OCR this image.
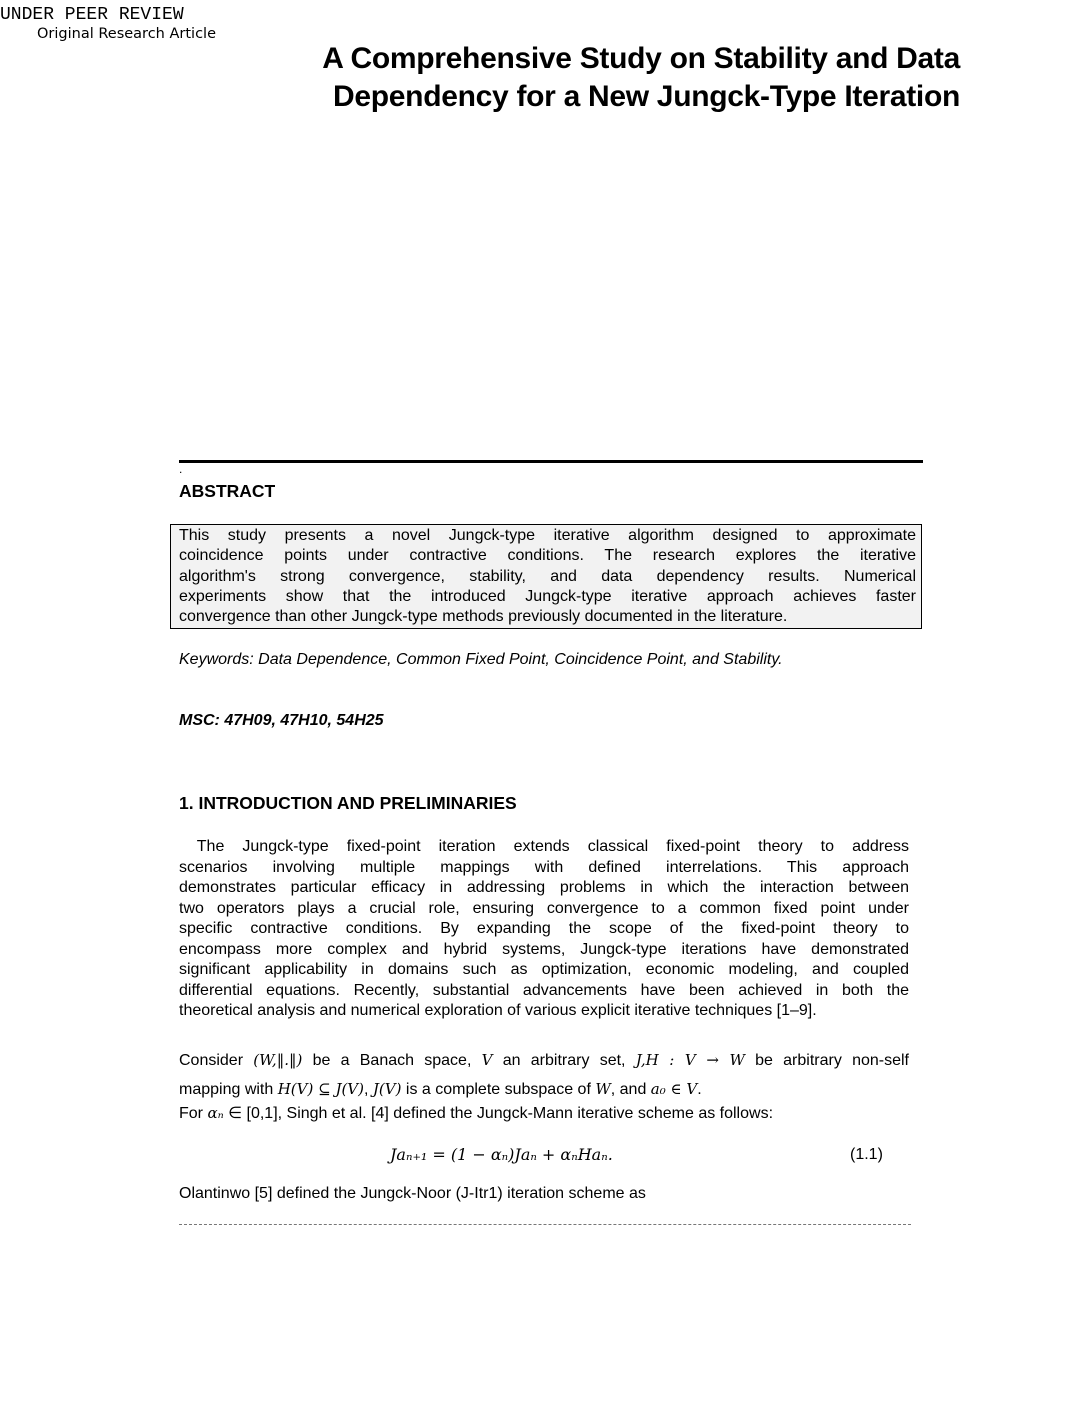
UNDER PEER REVIEW
Original Research Article
A Comprehensive Study on Stability and Data
Dependency for a New Jungck-Type Iteration
.
ABSTRACT
This study presents a novel Jungck-type iterative algorithm designed to approximate
coincidence points under contractive conditions. The research explores the iterative
algorithm's strong convergence, stability, and data dependency results. Numerical
experiments show that the introduced Jungck-type iterative approach achieves faster
convergence than other Jungck-type methods previously documented in the literature.
Keywords: Data Dependence, Common Fixed Point, Coincidence Point, and Stability.
MSC: 47H09, 47H10, 54H25
1. INTRODUCTION AND PRELIMINARIES
The Jungck-type fixed-point iteration extends classical fixed-point theory to address
scenarios involving multiple mappings with defined interrelations. This approach
demonstrates particular efficacy in addressing problems in which the interaction between
two operators plays a crucial role, ensuring convergence to a common fixed point under
specific contractive conditions. By expanding the scope of the fixed-point theory to
encompass more complex and hybrid systems, Jungck-type iterations have demonstrated
significant applicability in domains such as optimization, economic modeling, and coupled
differential equations. Recently, substantial advancements have been achieved in both the
theoretical analysis and numerical exploration of various explicit iterative techniques [1–9].
Consider (W,‖.‖) be a Banach space, V an arbitrary set, J,H : V → W be arbitrary non-self
mapping with H(V) ⊆ J(V), J(V) is a complete subspace of W, and a₀ ∈ V.
For αₙ ∈ [0,1], Singh et al. [4] defined the Jungck-Mann iterative scheme as follows:
Jaₙ₊₁ = (1 − αₙ)Jaₙ + αₙHaₙ.	(1.1)
Olantinwo [5] defined the Jungck-Noor (J-Itr1) iteration scheme as
